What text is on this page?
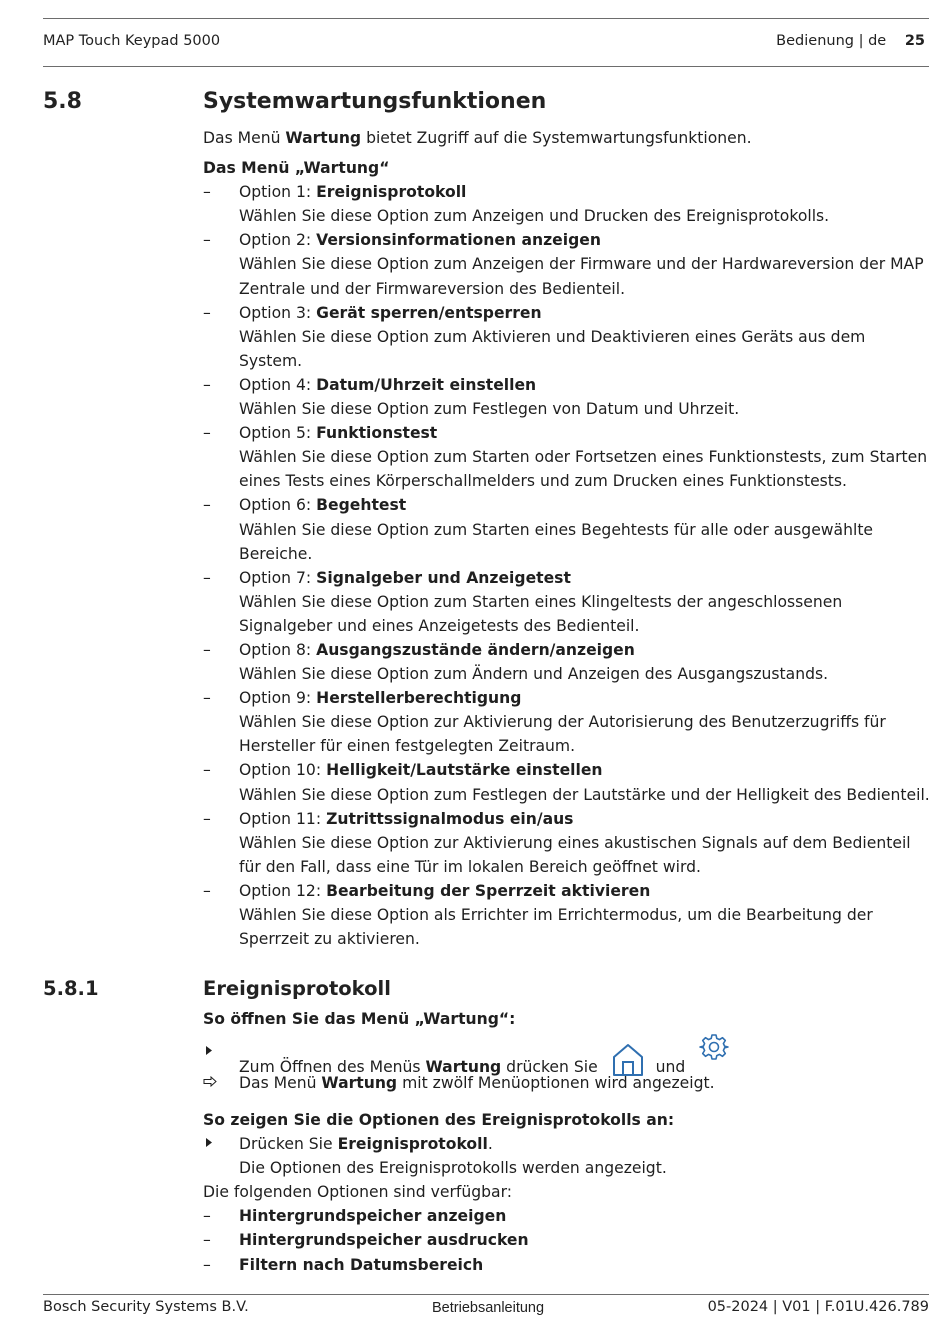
MAP Touch Keypad 5000	Bedienung | de 25
5.8	Systemwartungsfunktionen

Das Menü Wartung bietet Zugriff auf die Systemwartungsfunktionen.

Das Menü „Wartung“

–	Option 1: Ereignisprotokoll
Wählen Sie diese Option zum Anzeigen und Drucken des Ereignisprotokolls.
–	Option 2: Versionsinformationen anzeigen
Wählen Sie diese Option zum Anzeigen der Firmware und der Hardwareversion der MAP Zentrale und der Firmwareversion des Bedienteil.
–	Option 3: Gerät sperren/entsperren
Wählen Sie diese Option zum Aktivieren und Deaktivieren eines Geräts aus dem System.
–	Option 4: Datum/Uhrzeit einstellen
Wählen Sie diese Option zum Festlegen von Datum und Uhrzeit.
–	Option 5: Funktionstest
Wählen Sie diese Option zum Starten oder Fortsetzen eines Funktionstests, zum Starten eines Tests eines Körperschallmelders und zum Drucken eines Funktionstests.
–	Option 6: Begehtest
Wählen Sie diese Option zum Starten eines Begehtests für alle oder ausgewählte Bereiche.
–	Option 7: Signalgeber und Anzeigetest
Wählen Sie diese Option zum Starten eines Klingeltests der angeschlossenen Signalgeber und eines Anzeigetests des Bedienteil.
–	Option 8: Ausgangszustände ändern/anzeigen
Wählen Sie diese Option zum Ändern und Anzeigen des Ausgangszustands.
–	Option 9: Herstellerberechtigung
Wählen Sie diese Option zur Aktivierung der Autorisierung des Benutzerzugriffs für Hersteller für einen festgelegten Zeitraum.
–	Option 10: Helligkeit/Lautstärke einstellen
Wählen Sie diese Option zum Festlegen der Lautstärke und der Helligkeit des Bedienteil.
–	Option 11: Zutrittssignalmodus ein/aus
Wählen Sie diese Option zur Aktivierung eines akustischen Signals auf dem Bedienteil für den Fall, dass eine Tür im lokalen Bereich geöffnet wird.
–	Option 12: Bearbeitung der Sperrzeit aktivieren
Wählen Sie diese Option als Errichter im Errichtermodus, um die Bearbeitung der Sperrzeit zu aktivieren.
5.8.1	Ereignisprotokoll

So öffnen Sie das Menü „Wartung“:

Zum Öffnen des Menüs Wartung drücken Sie	und
Das Menü Wartung mit zwölf Menüoptionen wird angezeigt.

So zeigen Sie die Optionen des Ereignisprotokolls an:

Drücken Sie Ereignisprotokoll.
Die Optionen des Ereignisprotokolls werden angezeigt.

Die folgenden Optionen sind verfügbar:

–	Hintergrundspeicher anzeigen
–	Hintergrundspeicher ausdrucken
–	Filtern nach Datumsbereich
Bosch Security Systems B.V.	Betriebsanleitung	05-2024 | V01 | F.01U.426.789
